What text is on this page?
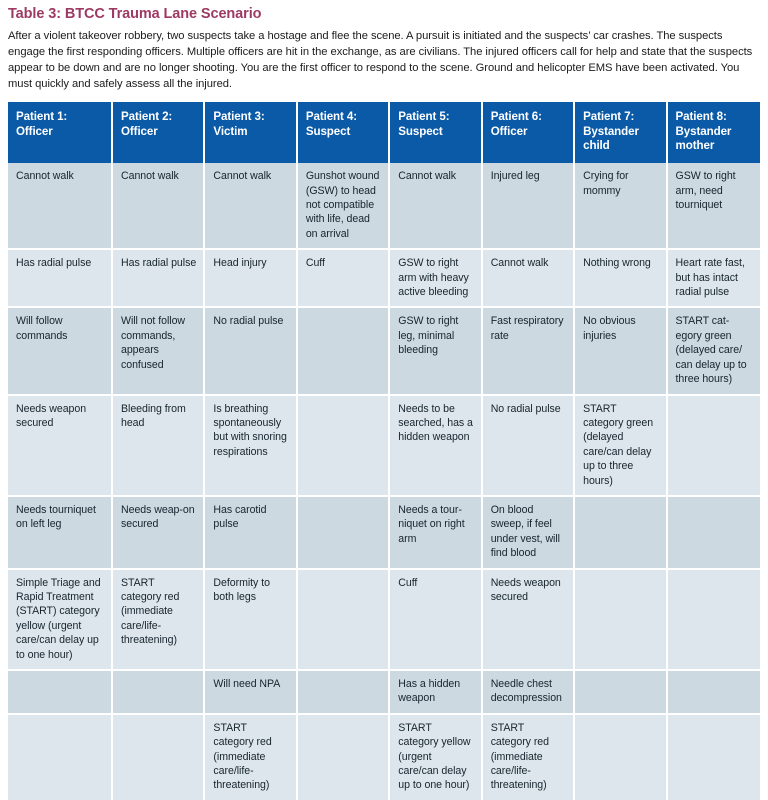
Table 3: BTCC Trauma Lane Scenario

After a violent takeover robbery, two suspects take a hostage and flee the scene. A pursuit is initiated and the suspects’ car crashes. The suspects engage the first responding officers. Multiple officers are hit in the exchange, as are civilians. The injured officers call for help and state that the suspects appear to be down and are no longer shooting. You are the first officer to respond to the scene. Ground and helicopter EMS have been activated. You must quickly and safely assess all the injured.

Patient 1: Officer	Patient 2: Officer	Patient 3: Victim	Patient 4: Suspect	Patient 5: Suspect	Patient 6: Officer	Patient 7: Bystander child	Patient 8: Bystander mother
Cannot walk	Cannot walk	Cannot walk	Gunshot wound (GSW) to head not compatible with life, dead on arrival	Cannot walk	Injured leg	Crying for mommy	GSW to right arm, need tourniquet
Has radial pulse	Has radial pulse	Head injury	Cuff	GSW to right arm with heavy active bleeding	Cannot walk	Nothing wrong	Heart rate fast, but has intact radial pulse
Will follow commands	Will not follow commands, appears confused	No radial pulse		GSW to right leg, minimal bleeding	Fast respiratory rate	No obvious injuries	START cat-egory green (delayed care/ can delay up to three hours)
Needs weapon secured	Bleeding from head	Is breathing spontaneously but with snoring respirations		Needs to be searched, has a hidden weapon	No radial pulse	START category green (delayed care/can delay up to three hours)	
Needs tourniquet on left leg	Needs weap-on secured	Has carotid pulse		Needs a tour-niquet on right arm	On blood sweep, if feel under vest, will find blood		
Simple Triage and Rapid Treatment (START) category yellow (urgent care/can delay up to one hour)	START category red (immediate care/life-threatening)	Deformity to both legs		Cuff	Needs weapon secured		
		Will need NPA		Has a hidden weapon	Needle chest decompression		
		START category red (immediate care/life-threatening)		START category yellow (urgent care/can delay up to one hour)	START category red (immediate care/life-threatening)		
